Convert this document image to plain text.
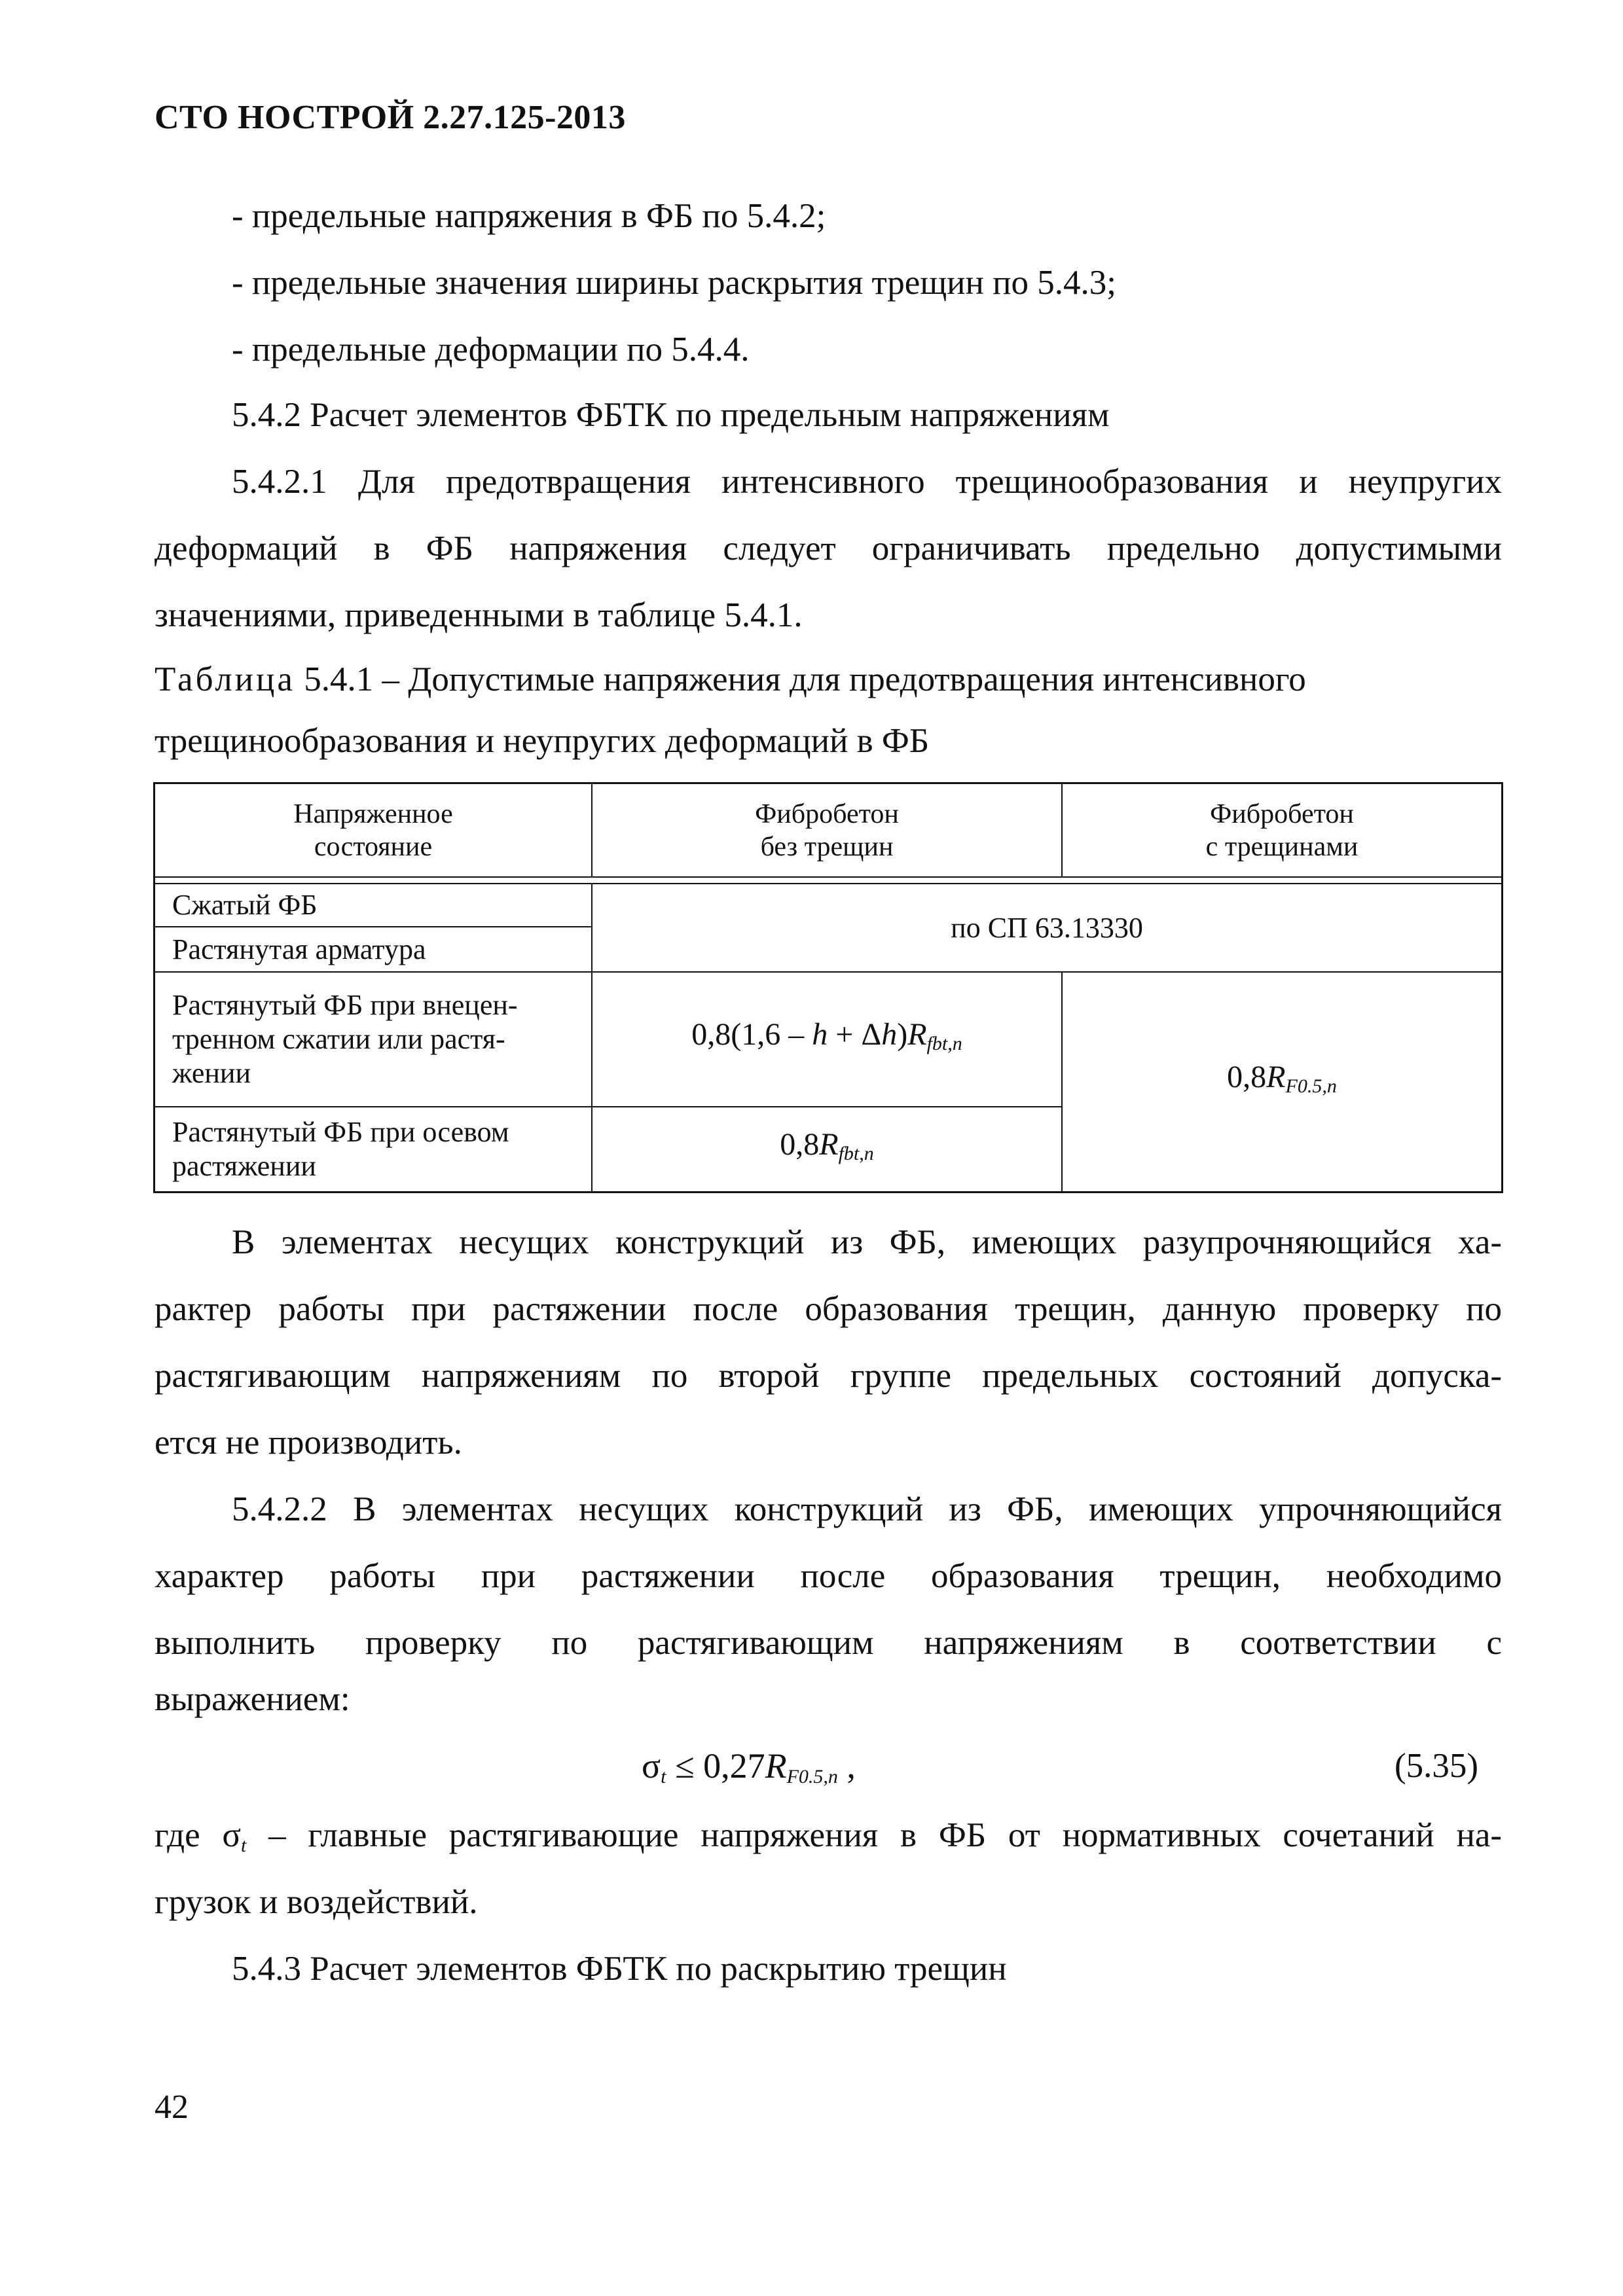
СТО НОСТРОЙ 2.27.125-2013
- предельные напряжения в ФБ по 5.4.2;
- предельные значения ширины раскрытия трещин по 5.4.3;
- предельные деформации по 5.4.4.
5.4.2 Расчет элементов ФБТК по предельным напряжениям
5.4.2.1 Для предотвращения интенсивного трещинообразования и неупругих
деформаций в ФБ напряжения следует ограничивать предельно допустимыми
значениями, приведенными в таблице 5.4.1.
Таблица 5.4.1 – Допустимые напряжения для предотвращения интенсивного
трещинообразования и неупругих деформаций в ФБ
Напряженное
состояние
Фибробетон
без трещин
Фибробетон
с трещинами
Сжатый ФБ
Растянутая арматура
по СП 63.13330
Растянутый ФБ при внецен-
тренном сжатии или растя-
жении
$0,8(1,6 - h + \Delta h)R_{fbt,n}$
$0,8R_{F0.5,n}$
Растянутый ФБ при осевом
растяжении
$0,8R_{fbt,n}$
В элементах несущих конструкций из ФБ, имеющих разупрочняющийся ха-
рактер работы при растяжении после образования трещин, данную проверку по
растягивающим напряжениям по второй группе предельных состояний допуска-
ется не производить.
5.4.2.2 В элементах несущих конструкций из ФБ, имеющих упрочняющийся
характер работы при растяжении после образования трещин, необходимо
выполнить проверку по растягивающим напряжениям в соответствии с
выражением:
$\sigma_t \le 0,27R_{F0.5,n}$ ,	(5.35)
где $\sigma_t$ – главные растягивающие напряжения в ФБ от нормативных сочетаний на-
грузок и воздействий.
5.4.3 Расчет элементов ФБТК по раскрытию трещин
42
